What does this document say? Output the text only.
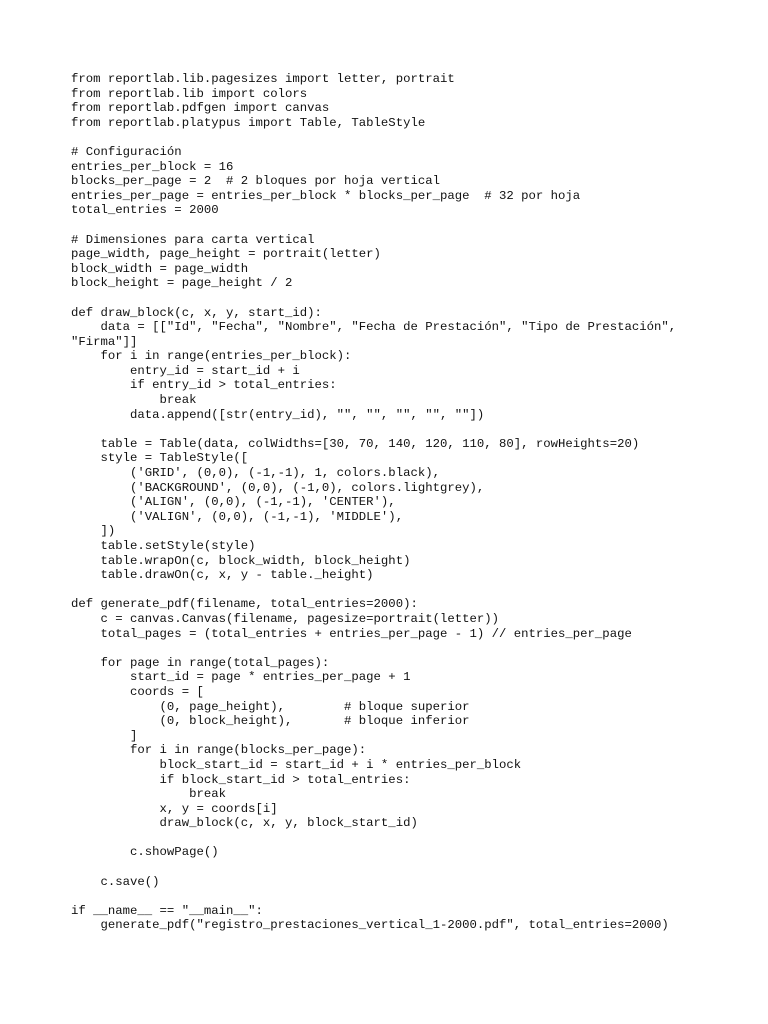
from reportlab.lib.pagesizes import letter, portrait
from reportlab.lib import colors
from reportlab.pdfgen import canvas
from reportlab.platypus import Table, TableStyle
# Configuración
entries_per_block = 16
blocks_per_page = 2  # 2 bloques por hoja vertical
entries_per_page = entries_per_block * blocks_per_page  # 32 por hoja
total_entries = 2000
# Dimensiones para carta vertical
page_width, page_height = portrait(letter)
block_width = page_width
block_height = page_height / 2
def draw_block(c, x, y, start_id):
data = [["Id", "Fecha", "Nombre", "Fecha de Prestación", "Tipo de Prestación",
"Firma"]]
for i in range(entries_per_block):
entry_id = start_id + i
if entry_id > total_entries:
break
data.append([str(entry_id), "", "", "", "", ""])
table = Table(data, colWidths=[30, 70, 140, 120, 110, 80], rowHeights=20)
style = TableStyle([
('GRID', (0,0), (-1,-1), 1, colors.black),
('BACKGROUND', (0,0), (-1,0), colors.lightgrey),
('ALIGN', (0,0), (-1,-1), 'CENTER'),
('VALIGN', (0,0), (-1,-1), 'MIDDLE'),
])
table.setStyle(style)
table.wrapOn(c, block_width, block_height)
table.drawOn(c, x, y - table._height)
def generate_pdf(filename, total_entries=2000):
c = canvas.Canvas(filename, pagesize=portrait(letter))
total_pages = (total_entries + entries_per_page - 1) // entries_per_page
for page in range(total_pages):
start_id = page * entries_per_page + 1
coords = [
(0, page_height),        # bloque superior
(0, block_height),       # bloque inferior
]
for i in range(blocks_per_page):
block_start_id = start_id + i * entries_per_block
if block_start_id > total_entries:
break
x, y = coords[i]
draw_block(c, x, y, block_start_id)
c.showPage()
c.save()
if __name__ == "__main__":
generate_pdf("registro_prestaciones_vertical_1-2000.pdf", total_entries=2000)
